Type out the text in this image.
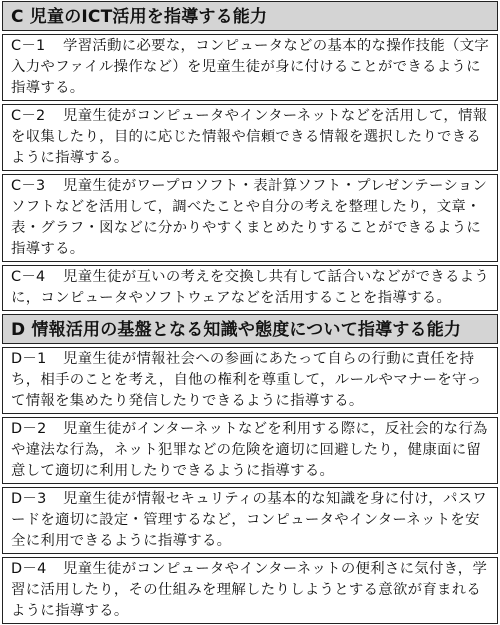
C 児童のICT活用を指導する能力
C－1 学習活動に必要な，コンピュータなどの基本的な操作技能（文字入力やファイル操作など）を児童生徒が身に付けることができるように指導する。
C－2 児童生徒がコンピュータやインターネットなどを活用して，情報を収集したり，目的に応じた情報や信頼できる情報を選択したりできるように指導する。
C－3 児童生徒がワープロソフト・表計算ソフト・プレゼンテーションソフトなどを活用して，調べたことや自分の考えを整理したり，文章・表・グラフ・図などに分かりやすくまとめたりすることができるように指導する。
C－4 児童生徒が互いの考えを交換し共有して話合いなどができるように，コンピュータやソフトウェアなどを活用することを指導する。
D 情報活用の基盤となる知識や態度について指導する能力
D－1 児童生徒が情報社会への参画にあたって自らの行動に責任を持ち，相手のことを考え，自他の権利を尊重して，ルールやマナーを守って情報を集めたり発信したりできるように指導する。
D－2 児童生徒がインターネットなどを利用する際に，反社会的な行為や違法な行為，ネット犯罪などの危険を適切に回避したり，健康面に留意して適切に利用したりできるように指導する。
D－3 児童生徒が情報セキュリティの基本的な知識を身に付け，パスワードを適切に設定・管理するなど，コンピュータやインターネットを安全に利用できるように指導する。
D－4 児童生徒がコンピュータやインターネットの便利さに気付き，学習に活用したり，その仕組みを理解したりしようとする意欲が育まれるように指導する。
